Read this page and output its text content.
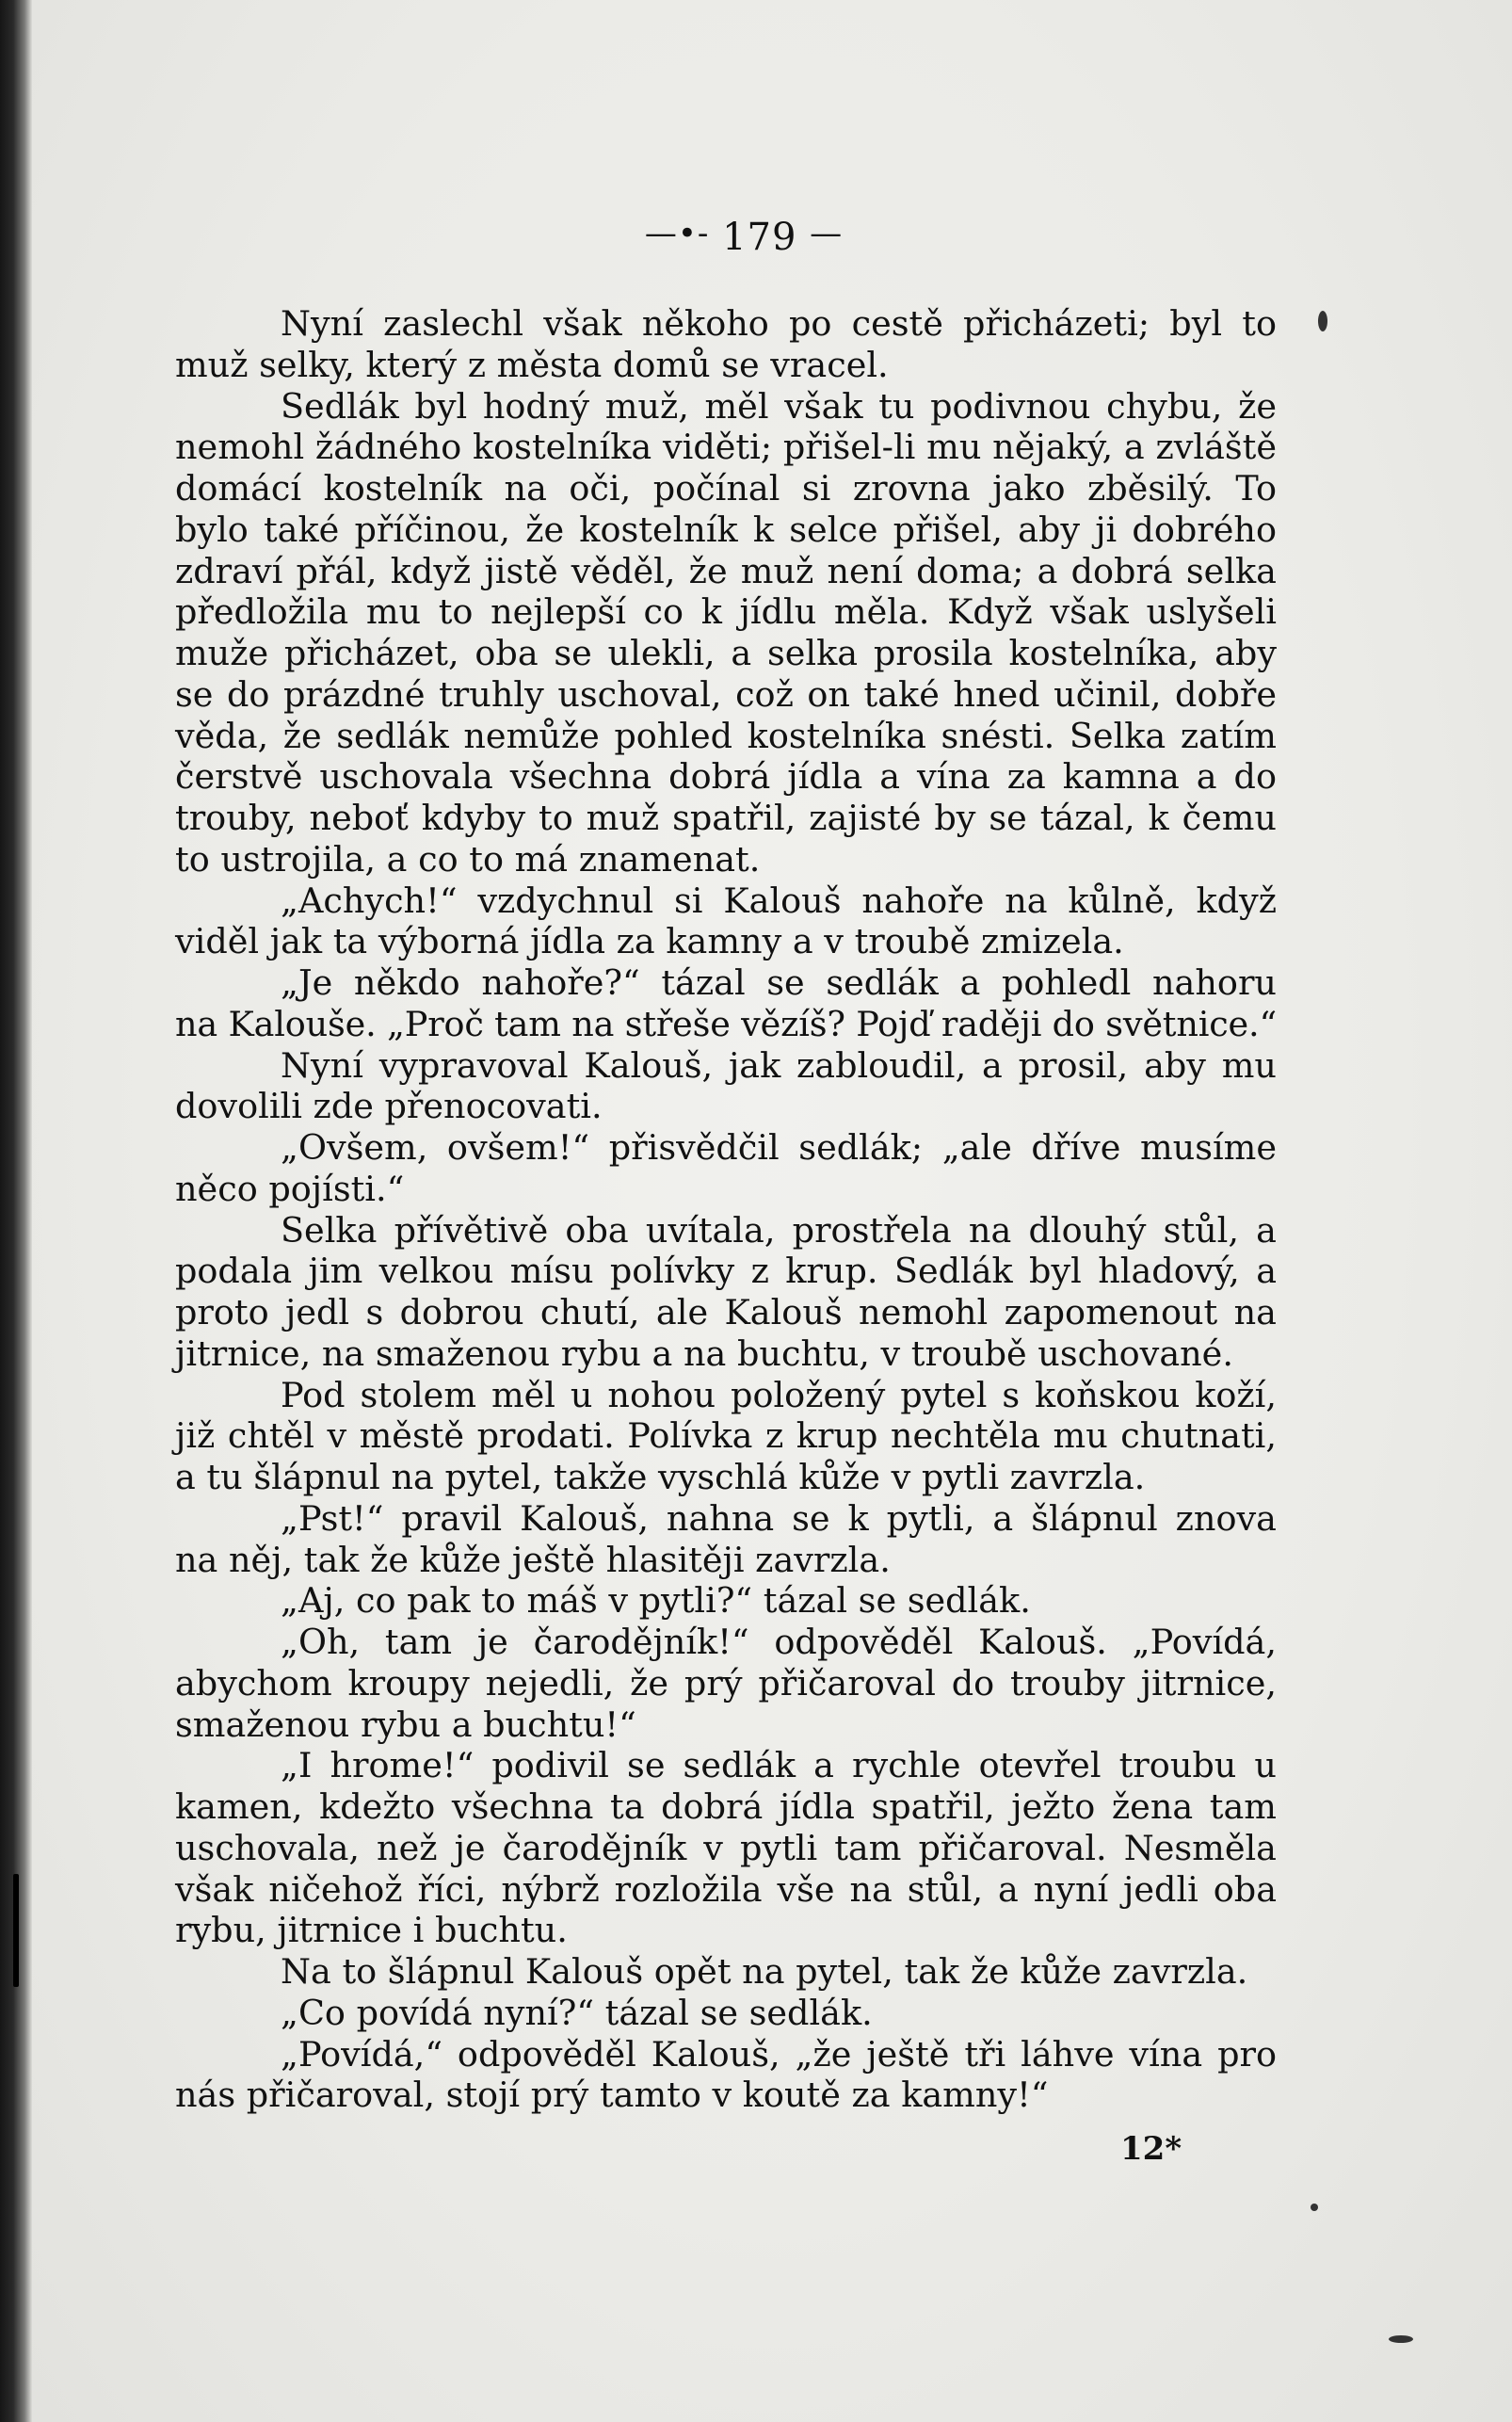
—•- 179 —
Nyní zaslechl však někoho po cestě přicházeti; byl to
muž selky, který z města domů se vracel.
Sedlák byl hodný muž, měl však tu podivnou chybu, že
nemohl žádného kostelníka viděti; přišel-li mu nějaký, a zvláště
domácí kostelník na oči, počínal si zrovna jako zběsilý. To
bylo také příčinou, že kostelník k selce přišel, aby ji dobrého
zdraví přál, když jistě věděl, že muž není doma; a dobrá selka
předložila mu to nejlepší co k jídlu měla. Když však uslyšeli
muže přicházet, oba se ulekli, a selka prosila kostelníka, aby
se do prázdné truhly uschoval, což on také hned učinil, dobře
věda, že sedlák nemůže pohled kostelníka snésti. Selka zatím
čerstvě uschovala všechna dobrá jídla a vína za kamna a do
trouby, neboť kdyby to muž spatřil, zajisté by se tázal, k čemu
to ustrojila, a co to má znamenat.
„Achych!“ vzdychnul si Kalouš nahoře na kůlně, když
viděl jak ta výborná jídla za kamny a v troubě zmizela.
„Je někdo nahoře?“ tázal se sedlák a pohledl nahoru
na Kalouše. „Proč tam na střeše vězíš? Pojď raději do světnice.“
Nyní vypravoval Kalouš, jak zabloudil, a prosil, aby mu
dovolili zde přenocovati.
„Ovšem, ovšem!“ přisvědčil sedlák; „ale dříve musíme
něco pojísti.“
Selka přívětivě oba uvítala, prostřela na dlouhý stůl, a
podala jim velkou mísu polívky z krup. Sedlák byl hladový, a
proto jedl s dobrou chutí, ale Kalouš nemohl zapomenout na
jitrnice, na smaženou rybu a na buchtu, v troubě uschované.
Pod stolem měl u nohou položený pytel s koňskou koží,
již chtěl v městě prodati. Polívka z krup nechtěla mu chutnati,
a tu šlápnul na pytel, takže vyschlá kůže v pytli zavrzla.
„Pst!“ pravil Kalouš, nahna se k pytli, a šlápnul znova
na něj, tak že kůže ještě hlasitěji zavrzla.
„Aj, co pak to máš v pytli?“ tázal se sedlák.
„Oh, tam je čarodějník!“ odpověděl Kalouš. „Povídá,
abychom kroupy nejedli, že prý přičaroval do trouby jitrnice,
smaženou rybu a buchtu!“
„I hrome!“ podivil se sedlák a rychle otevřel troubu u
kamen, kdežto všechna ta dobrá jídla spatřil, ježto žena tam
uschovala, než je čarodějník v pytli tam přičaroval. Nesměla
však ničehož říci, nýbrž rozložila vše na stůl, a nyní jedli oba
rybu, jitrnice i buchtu.
Na to šlápnul Kalouš opět na pytel, tak že kůže zavrzla.
„Co povídá nyní?“ tázal se sedlák.
„Povídá,“ odpověděl Kalouš, „že ještě tři láhve vína pro
nás přičaroval, stojí prý tamto v koutě za kamny!“
12*
